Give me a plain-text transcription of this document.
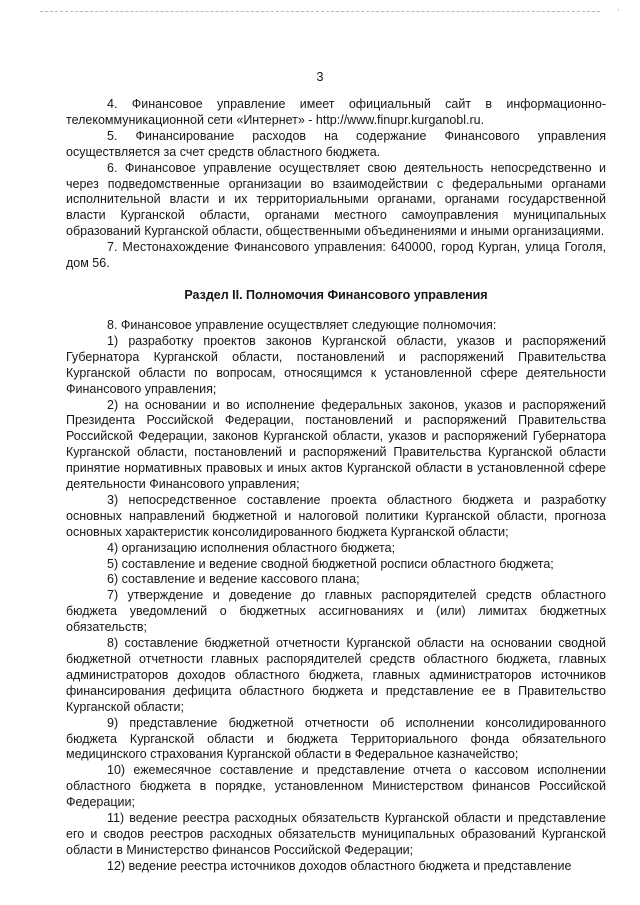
·
3

4. Финансовое управление имеет официальный сайт в информационно-телекоммуникационной сети «Интернет» - http://www.finupr.kurganobl.ru.

5. Финансирование расходов на содержание Финансового управления осуществляется за счет средств областного бюджета.

6. Финансовое управление осуществляет свою деятельность непосредственно и через подведомственные организации во взаимодействии с федеральными органами исполнительной власти и их территориальными органами, органами государственной власти Курганской области, органами местного самоуправления муниципальных образований Курганской области, общественными объединениями и иными организациями.

7. Местонахождение Финансового управления: 640000, город Курган, улица Гоголя, дом 56.

Раздел II. Полномочия Финансового управления

8. Финансовое управление осуществляет следующие полномочия:

1) разработку проектов законов Курганской области, указов и распоряжений Губернатора Курганской области, постановлений и распоряжений Правительства Курганской области по вопросам, относящимся к установленной сфере деятельности Финансового управления;

2) на основании и во исполнение федеральных законов, указов и распоряжений Президента Российской Федерации, постановлений и распоряжений Правительства Российской Федерации, законов Курганской области, указов и распоряжений Губернатора Курганской области, постановлений и распоряжений Правительства Курганской области принятие нормативных правовых и иных актов Курганской области в установленной сфере деятельности Финансового управления;

3) непосредственное составление проекта областного бюджета и разработку основных направлений бюджетной и налоговой политики Курганской области, прогноза основных характеристик консолидированного бюджета Курганской области;

4) организацию исполнения областного бюджета;

5) составление и ведение сводной бюджетной росписи областного бюджета;

6) составление и ведение кассового плана;

7) утверждение и доведение до главных распорядителей средств областного бюджета уведомлений о бюджетных ассигнованиях и (или) лимитах бюджетных обязательств;

8) составление бюджетной отчетности Курганской области на основании сводной бюджетной отчетности главных распорядителей средств областного бюджета, главных администраторов доходов областного бюджета, главных администраторов источников финансирования дефицита областного бюджета и представление ее в Правительство Курганской области;

9) представление бюджетной отчетности об исполнении консолидированного бюджета Курганской области и бюджета Территориального фонда обязательного медицинского страхования Курганской области в Федеральное казначейство;

10) ежемесячное составление и представление отчета о кассовом исполнении областного бюджета в порядке, установленном Министерством финансов Российской Федерации;

11) ведение реестра расходных обязательств Курганской области и представление его и сводов реестров расходных обязательств муниципальных образований Курганской области в Министерство финансов Российской Федерации;

12) ведение реестра источников доходов областного бюджета и представление
